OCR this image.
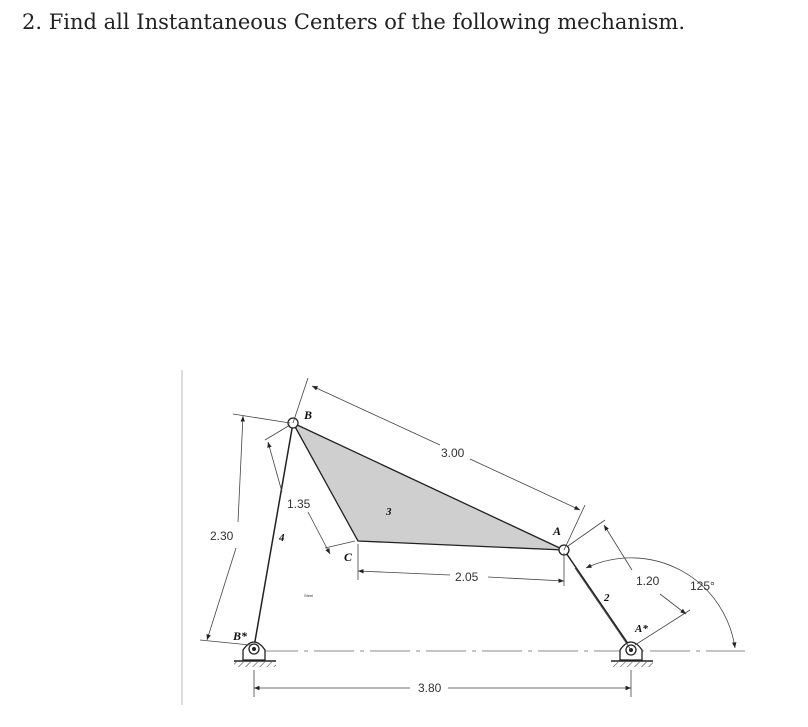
2. Find all Instantaneous Centers of the following mechanism.
3.00
1.35
2.30
2.05	1.20	125°
3.80
B
A
C
B*	A*
3
4
2
Steel
